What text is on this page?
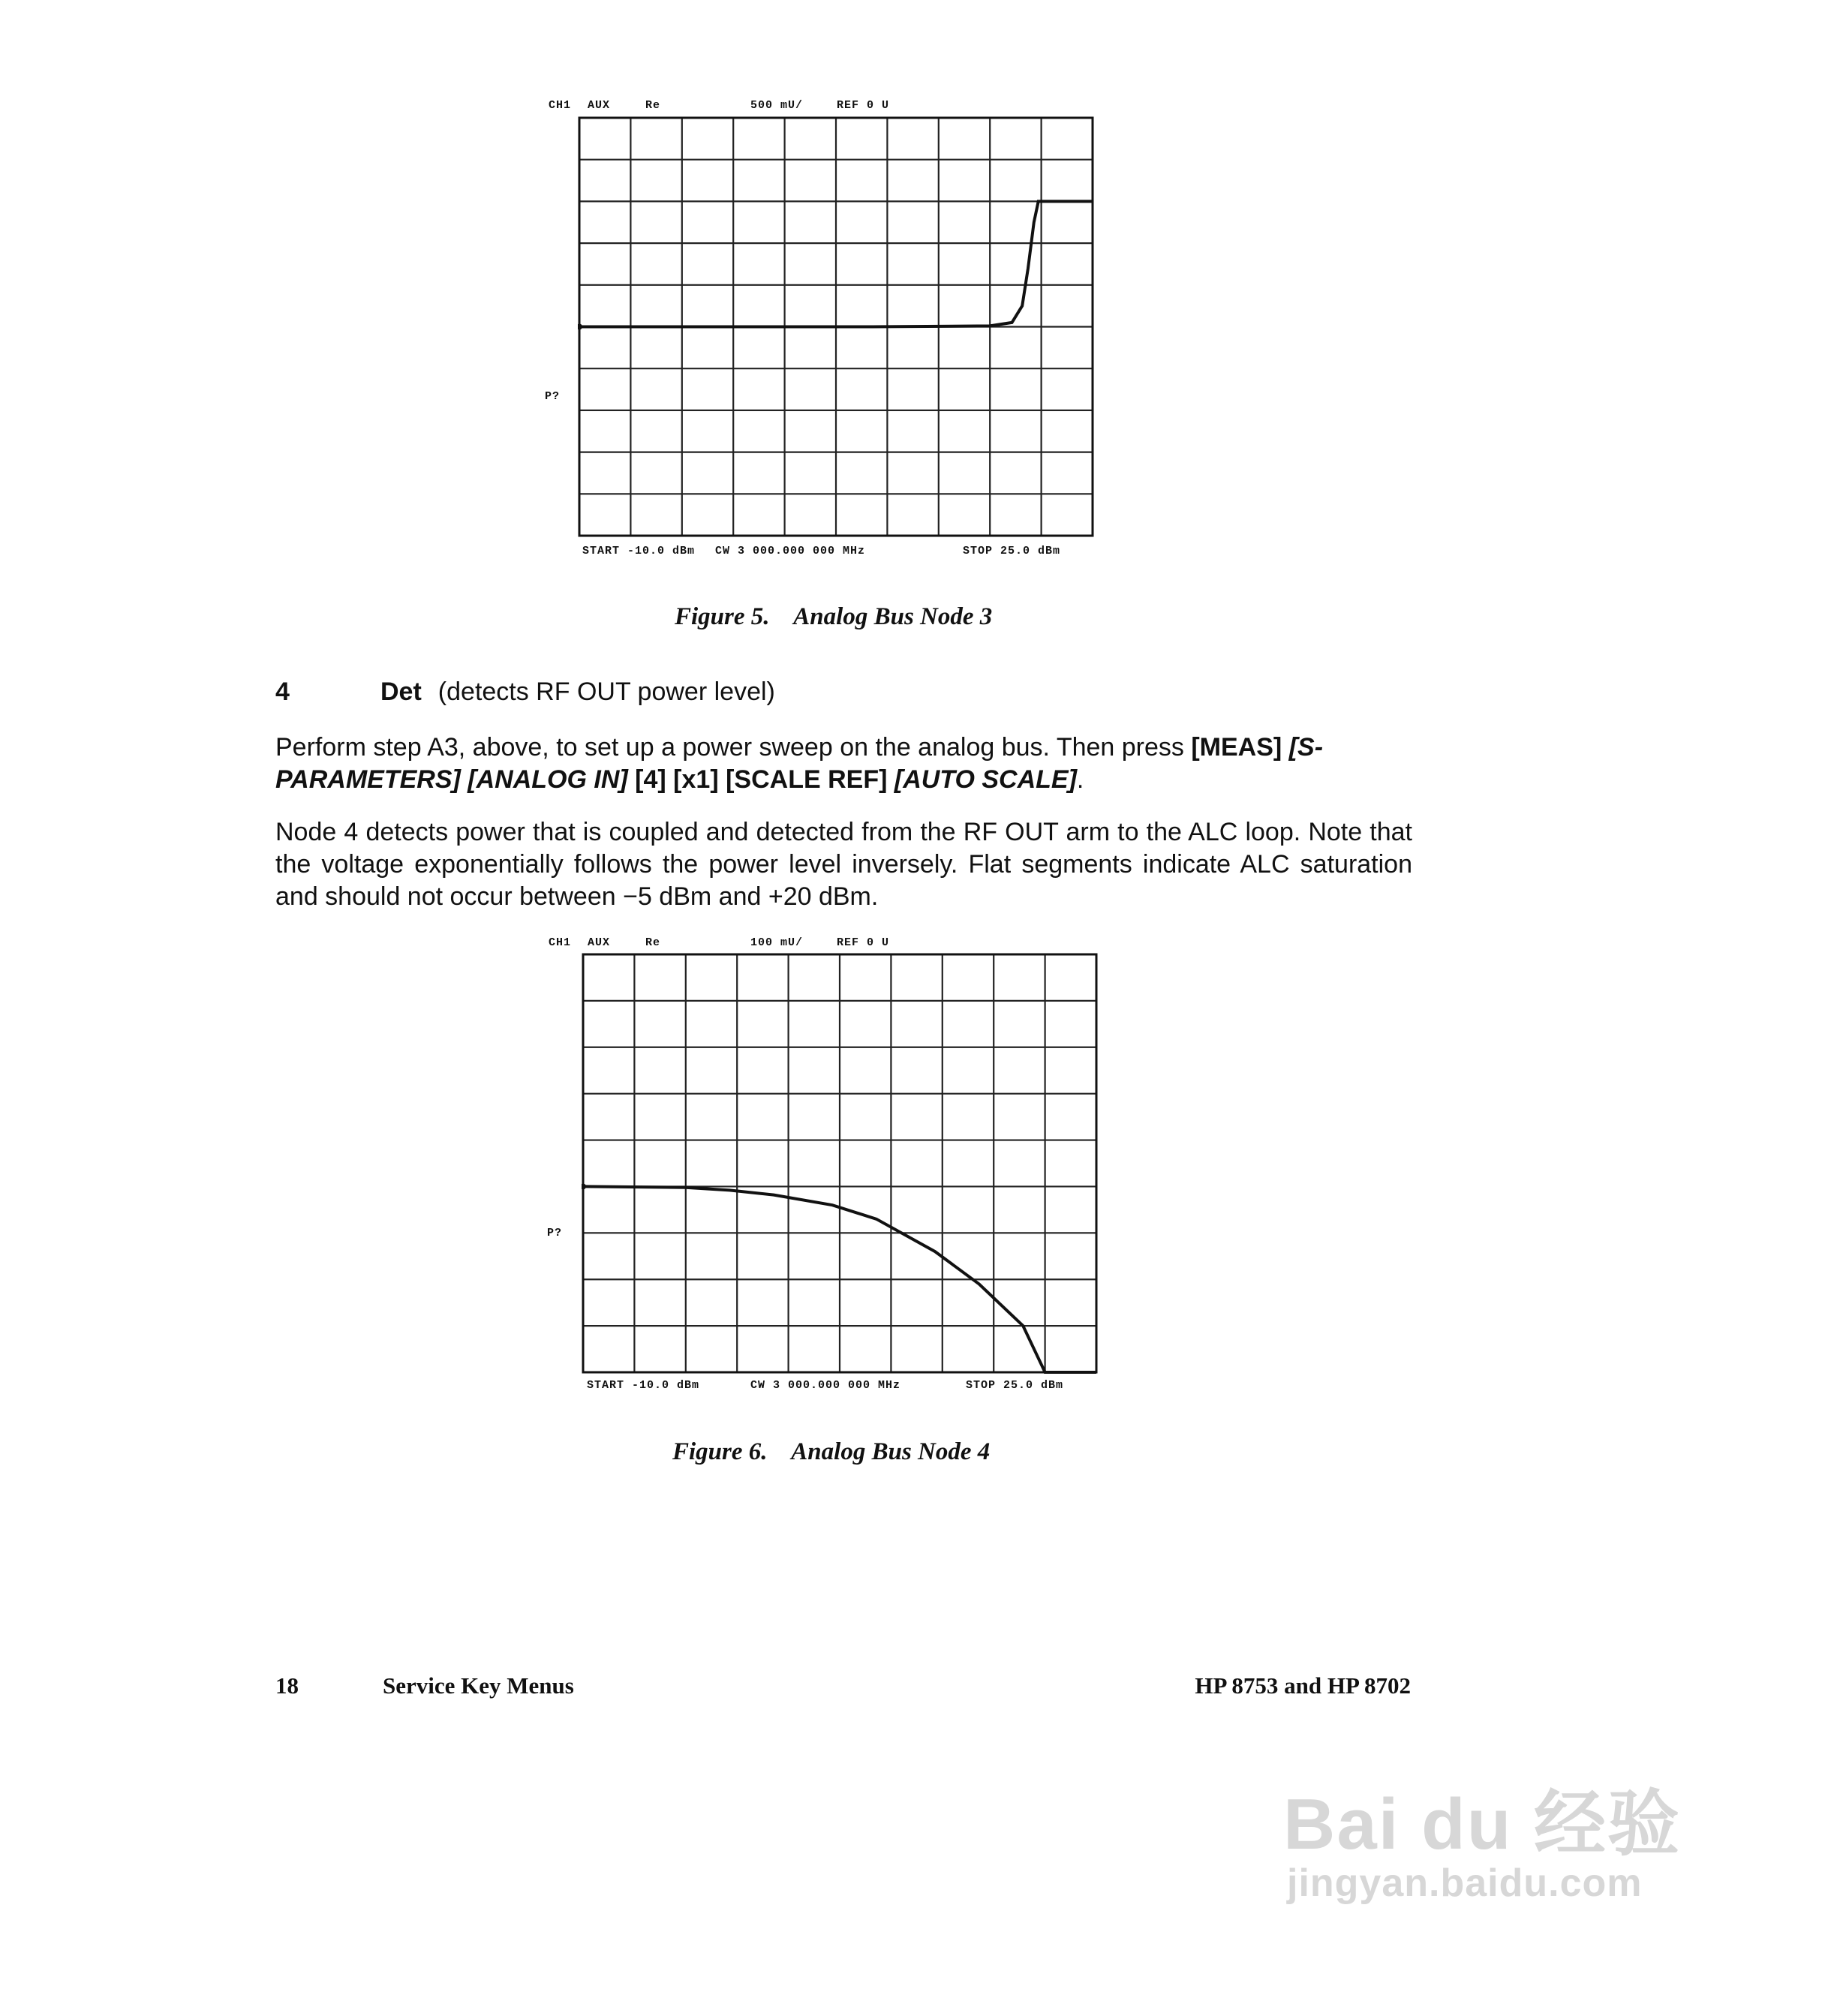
CH1 AUX	Re	500 mU/	REF 0 U
P?
START -10.0 dBm CW 3 000.000 000 MHz	STOP 25.0 dBm
Figure 5.    Analog Bus Node 3
4	Det (detects RF OUT power level)
Perform step A3, above, to set up a power sweep on the analog bus. Then press [MEAS] [S-PARAMETERS] [ANALOG IN] [4] [x1] [SCALE REF] [AUTO SCALE].
Node 4 detects power that is coupled and detected from the RF OUT arm to the ALC loop. Note that the voltage exponentially follows the power level inversely. Flat segments indicate ALC saturation and should not occur between −5 dBm and +20 dBm.
CH1 AUX	Re	100 mU/	REF 0 U
P?
START -10.0 dBm	CW 3 000.000 000 MHz	STOP 25.0 dBm
Figure 6.    Analog Bus Node 4
18	Service Key Menus	HP 8753 and HP 8702
Bai du 经验
jingyan.baidu.com
